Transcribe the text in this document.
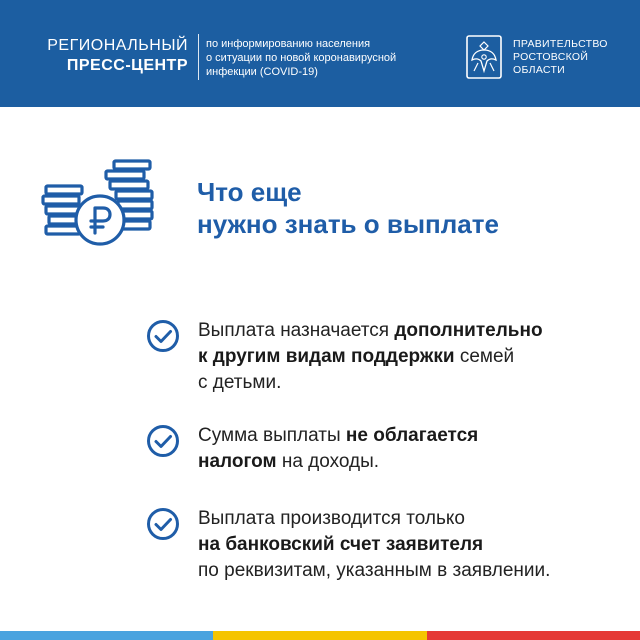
РЕГИОНАЛЬНЫЙ
ПРЕСС-ЦЕНТР
по информированию населения
о ситуации по новой коронавирусной
инфекции (COVID-19)
ПРАВИТЕЛЬСТВО
РОСТОВСКОЙ
ОБЛАСТИ
Что еще
нужно знать о выплате
Выплата назначается дополнительно
к другим видам поддержки семей
с детьми.
Сумма выплаты не облагается
налогом на доходы.
Выплата производится только
на банковский счет заявителя
по реквизитам, указанным в заявлении.
